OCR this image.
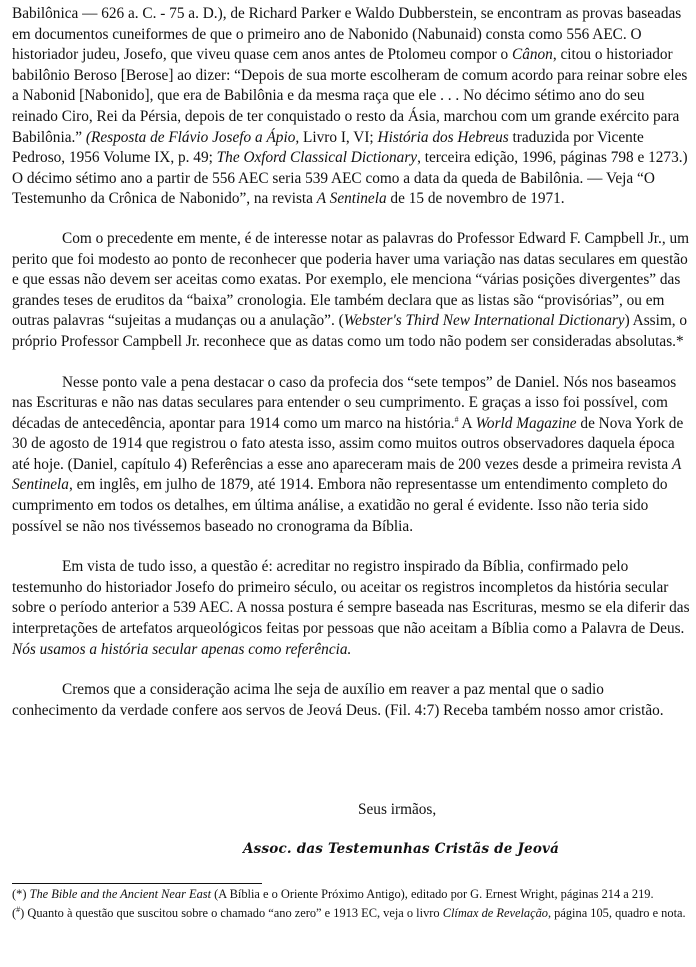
Babilônica — 626 a. C. - 75 a. D.), de Richard Parker e Waldo Dubberstein, se encontram as provas baseadas em documentos cuneiformes de que o primeiro ano de Nabonido (Nabunaid) consta como 556 AEC. O historiador judeu, Josefo, que viveu quase cem anos antes de Ptolomeu compor o Cânon, citou o historiador babilônio Beroso [Berose] ao dizer: “Depois de sua morte escolheram de comum acordo para reinar sobre eles a Nabonid [Nabonido], que era de Babilônia e da mesma raça que ele . . . No décimo sétimo ano do seu reinado Ciro, Rei da Pérsia, depois de ter conquistado o resto da Ásia, marchou com um grande exército para Babilônia.” (Resposta de Flávio Josefo a Ápio, Livro I, VI; História dos Hebreus traduzida por Vicente Pedroso, 1956 Volume IX, p. 49; The Oxford Classical Dictionary, terceira edição, 1996, páginas 798 e 1273.) O décimo sétimo ano a partir de 556 AEC seria 539 AEC como a data da queda de Babilônia. — Veja “O Testemunho da Crônica de Nabonido”, na revista A Sentinela de 15 de novembro de 1971.

Com o precedente em mente, é de interesse notar as palavras do Professor Edward F. Campbell Jr., um perito que foi modesto ao ponto de reconhecer que poderia haver uma variação nas datas seculares em questão e que essas não devem ser aceitas como exatas. Por exemplo, ele menciona “várias posições divergentes” das grandes teses de eruditos da “baixa” cronologia. Ele também declara que as listas são “provisórias”, ou em outras palavras “sujeitas a mudanças ou a anulação”. (Webster's Third New International Dictionary) Assim, o próprio Professor Campbell Jr. reconhece que as datas como um todo não podem ser consideradas absolutas.*

Nesse ponto vale a pena destacar o caso da profecia dos “sete tempos” de Daniel. Nós nos baseamos nas Escrituras e não nas datas seculares para entender o seu cumprimento. E graças a isso foi possível, com décadas de antecedência, apontar para 1914 como um marco na história.# A World Magazine de Nova York de 30 de agosto de 1914 que registrou o fato atesta isso, assim como muitos outros observadores daquela época até hoje. (Daniel, capítulo 4) Referências a esse ano apareceram mais de 200 vezes desde a primeira revista A Sentinela, em inglês, em julho de 1879, até 1914. Embora não representasse um entendimento completo do cumprimento em todos os detalhes, em última análise, a exatidão no geral é evidente. Isso não teria sido possível se não nos tivéssemos baseado no cronograma da Bíblia.

Em vista de tudo isso, a questão é: acreditar no registro inspirado da Bíblia, confirmado pelo testemunho do historiador Josefo do primeiro século, ou aceitar os registros incompletos da história secular sobre o período anterior a 539 AEC. A nossa postura é sempre baseada nas Escrituras, mesmo se ela diferir das interpretações de artefatos arqueológicos feitas por pessoas que não aceitam a Bíblia como a Palavra de Deus. Nós usamos a história secular apenas como referência.

Cremos que a consideração acima lhe seja de auxílio em reaver a paz mental que o sadio conhecimento da verdade confere aos servos de Jeová Deus. (Fil. 4:7) Receba também nosso amor cristão.

Seus irmãos,
Assoc. das Testemunhas Cristãs de Jeová

(*) The Bible and the Ancient Near East (A Bíblia e o Oriente Próximo Antigo), editado por G. Ernest Wright, páginas 214 a 219.

(#) Quanto à questão que suscitou sobre o chamado “ano zero” e 1913 EC, veja o livro Clímax de Revelação, página 105, quadro e nota.
